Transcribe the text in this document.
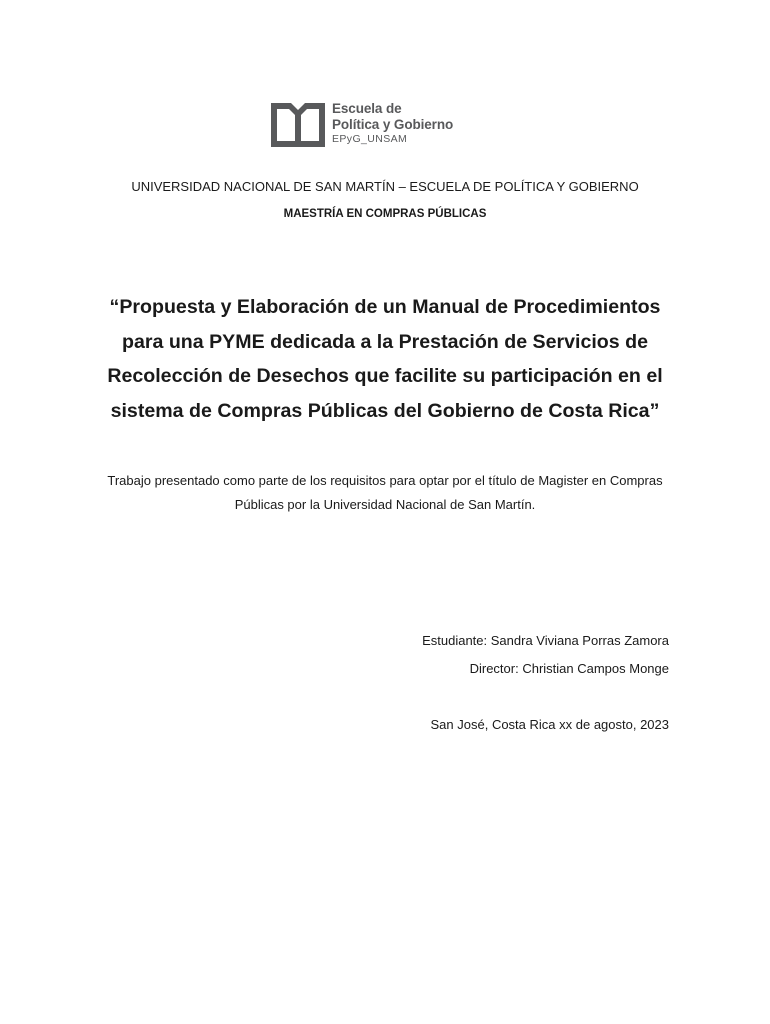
Escuela de
Política y Gobierno
EPyG_UNSAM
UNIVERSIDAD NACIONAL DE SAN MARTÍN – ESCUELA DE POLÍTICA Y GOBIERNO
MAESTRÍA EN COMPRAS PÚBLICAS
“Propuesta y Elaboración de un Manual de Procedimientos para una PYME dedicada a la Prestación de Servicios de Recolección de Desechos que facilite su participación en el sistema de Compras Públicas del Gobierno de Costa Rica”
Trabajo presentado como parte de los requisitos para optar por el título de Magister en Compras Públicas por la Universidad Nacional de San Martín.
Estudiante: Sandra Viviana Porras Zamora
Director: Christian Campos Monge
San José, Costa Rica xx de agosto, 2023
